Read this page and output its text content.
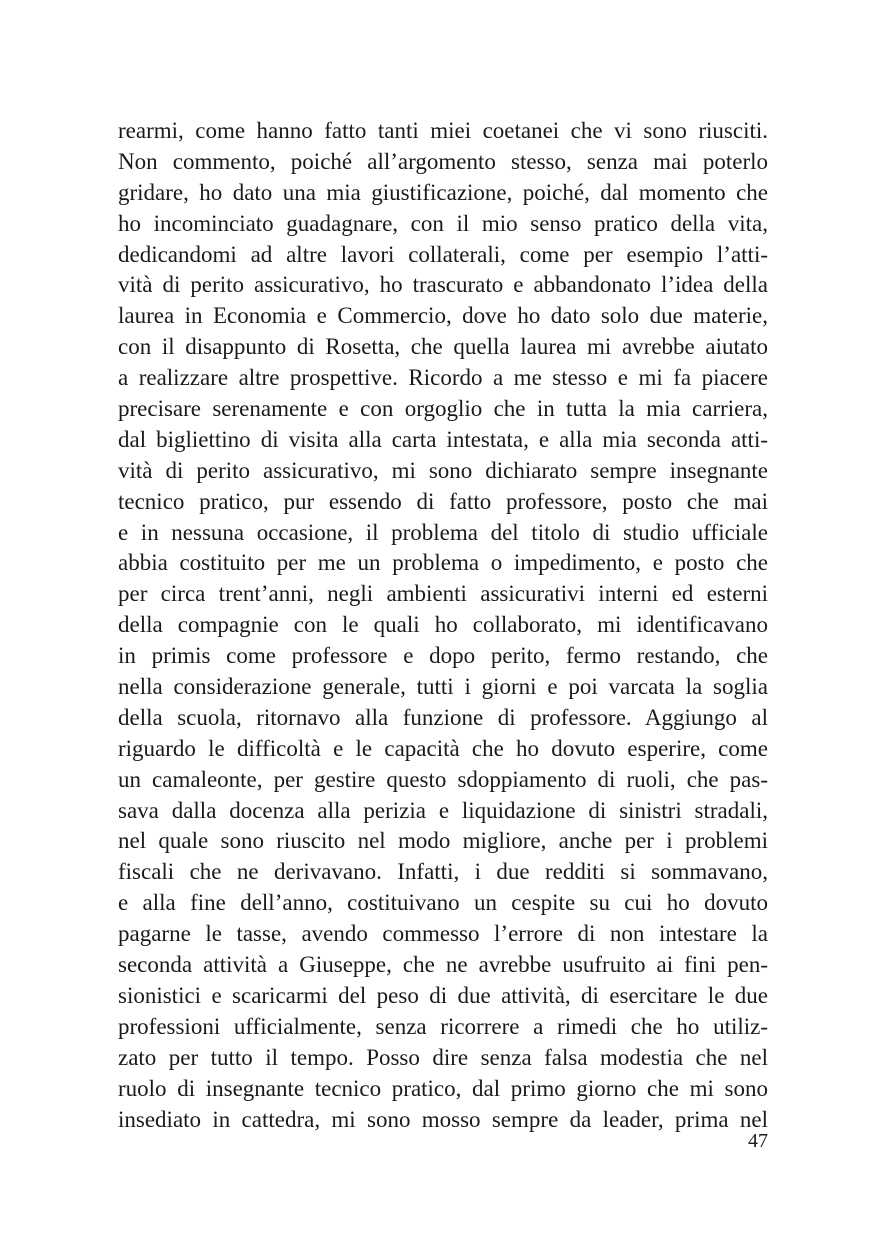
rearmi, come hanno fatto tanti miei coetanei che vi sono riusciti.
Non commento, poiché all’argomento stesso, senza mai poterlo
gridare, ho dato una mia giustificazione, poiché, dal momento che
ho incominciato guadagnare, con il mio senso pratico della vita,
dedicandomi ad altre lavori collaterali, come per esempio l’atti-
vità di perito assicurativo, ho trascurato e abbandonato l’idea della
laurea in Economia e Commercio, dove ho dato solo due materie,
con il disappunto di Rosetta, che quella laurea mi avrebbe aiutato
a realizzare altre prospettive. Ricordo a me stesso e mi fa piacere
precisare serenamente e con orgoglio che in tutta la mia carriera,
dal bigliettino di visita alla carta intestata, e alla mia seconda atti-
vità di perito assicurativo, mi sono dichiarato sempre insegnante
tecnico pratico, pur essendo di fatto professore, posto che mai
e in nessuna occasione, il problema del titolo di studio ufficiale
abbia costituito per me un problema o impedimento, e posto che
per circa trent’anni, negli ambienti assicurativi interni ed esterni
della compagnie con le quali ho collaborato, mi identificavano
in primis come professore e dopo perito, fermo restando, che
nella considerazione generale, tutti i giorni e poi varcata la soglia
della scuola, ritornavo alla funzione di professore. Aggiungo al
riguardo le difficoltà e le capacità che ho dovuto esperire, come
un camaleonte, per gestire questo sdoppiamento di ruoli, che pas-
sava dalla docenza alla perizia e liquidazione di sinistri stradali,
nel quale sono riuscito nel modo migliore, anche per i problemi
fiscali che ne derivavano. Infatti, i due redditi si sommavano,
e alla fine dell’anno, costituivano un cespite su cui ho dovuto
pagarne le tasse, avendo commesso l’errore di non intestare la
seconda attività a Giuseppe, che ne avrebbe usufruito ai fini pen-
sionistici e scaricarmi del peso di due attività, di esercitare le due
professioni ufficialmente, senza ricorrere a rimedi che ho utiliz-
zato per tutto il tempo. Posso dire senza falsa modestia che nel
ruolo di insegnante tecnico pratico, dal primo giorno che mi sono
insediato in cattedra, mi sono mosso sempre da leader, prima nel
47
